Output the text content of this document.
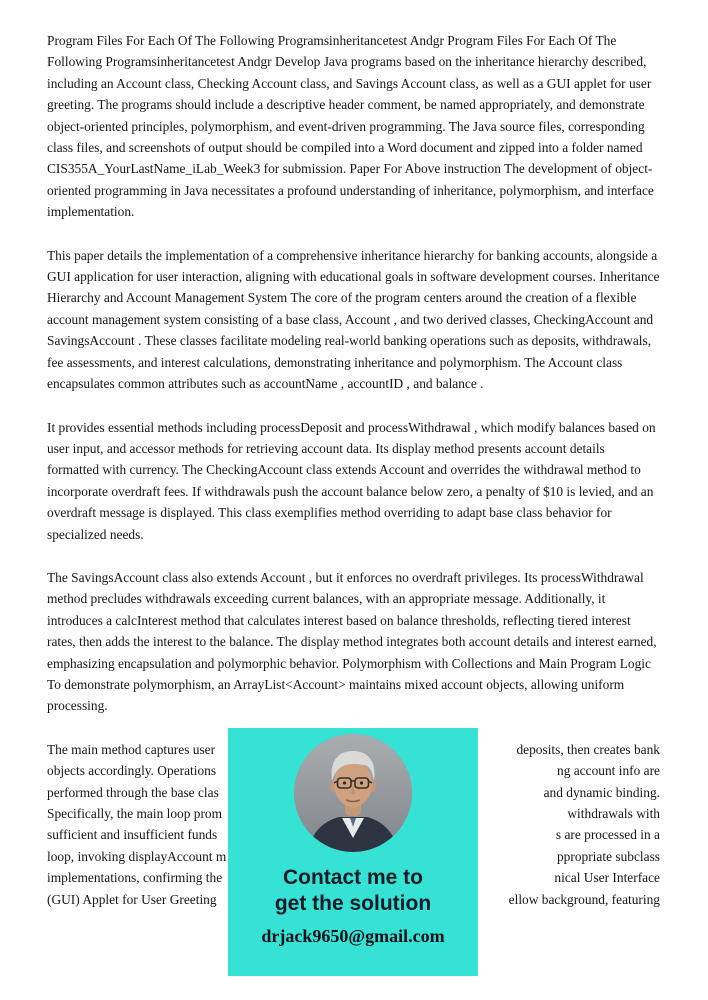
Program Files For Each Of The Following Programsinheritancetest Andgr Program Files For Each Of The Following Programsinheritancetest Andgr Develop Java programs based on the inheritance hierarchy described, including an Account class, Checking Account class, and Savings Account class, as well as a GUI applet for user greeting. The programs should include a descriptive header comment, be named appropriately, and demonstrate object-oriented principles, polymorphism, and event-driven programming. The Java source files, corresponding class files, and screenshots of output should be compiled into a Word document and zipped into a folder named CIS355A_YourLastName_iLab_Week3 for submission. Paper For Above instruction The development of object-oriented programming in Java necessitates a profound understanding of inheritance, polymorphism, and interface implementation.

This paper details the implementation of a comprehensive inheritance hierarchy for banking accounts, alongside a GUI application for user interaction, aligning with educational goals in software development courses. Inheritance Hierarchy and Account Management System The core of the program centers around the creation of a flexible account management system consisting of a base class, Account , and two derived classes, CheckingAccount and SavingsAccount . These classes facilitate modeling real-world banking operations such as deposits, withdrawals, fee assessments, and interest calculations, demonstrating inheritance and polymorphism. The Account class encapsulates common attributes such as accountName , accountID , and balance .

It provides essential methods including processDeposit and processWithdrawal , which modify balances based on user input, and accessor methods for retrieving account data. Its display method presents account details formatted with currency. The CheckingAccount class extends Account and overrides the withdrawal method to incorporate overdraft fees. If withdrawals push the account balance below zero, a penalty of $10 is levied, and an overdraft message is displayed. This class exemplifies method overriding to adapt base class behavior for specialized needs.

The SavingsAccount class also extends Account , but it enforces no overdraft privileges. Its processWithdrawal method precludes withdrawals exceeding current balances, with an appropriate message. Additionally, it introduces a calcInterest method that calculates interest based on balance thresholds, reflecting tiered interest rates, then adds the interest to the balance. The display method integrates both account details and interest earned, emphasizing encapsulation and polymorphic behavior. Polymorphism with Collections and Main Program Logic To demonstrate polymorphism, an ArrayList<Account> maintains mixed account objects, allowing uniform processing.

The main method captures user	deposits, then creates bank
objects accordingly. Operations	ng account info are
performed through the base clas	and dynamic binding.
Specifically, the main loop prom	withdrawals with
sufficient and insufficient funds	s are processed in a
loop, invoking displayAccount m	ppropriate subclass
implementations, confirming the	nical User Interface
(GUI) Applet for User Greeting	ellow background, featuring
Contact me to
get the solution
drjack9650@gmail.com
